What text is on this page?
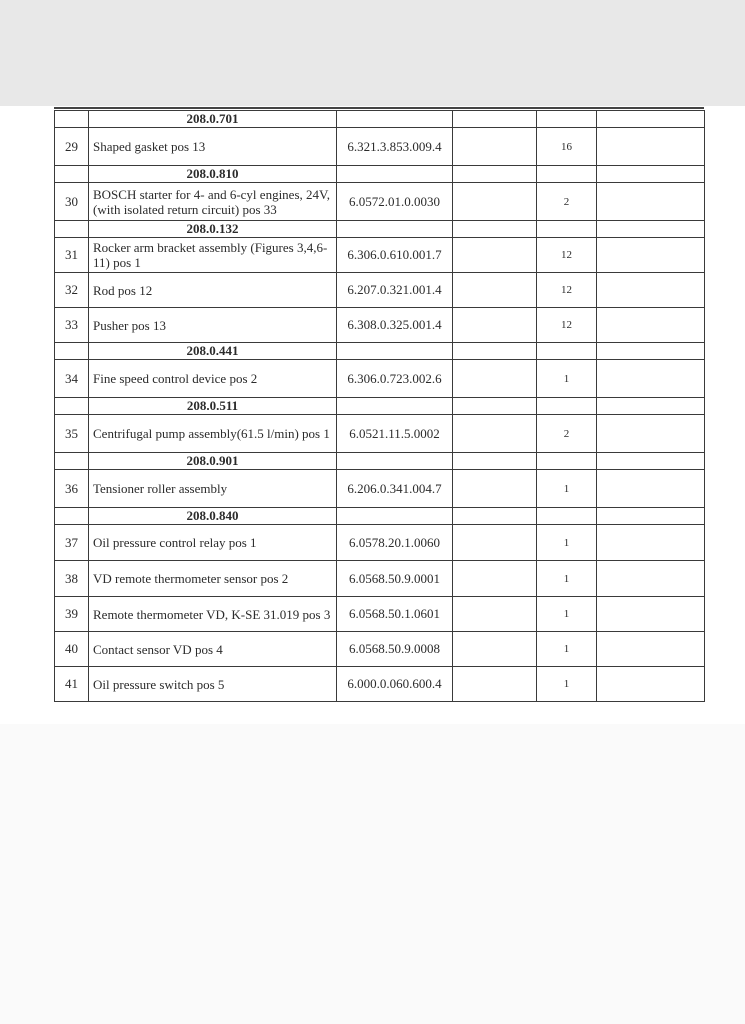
	208.0.701				
29	Shaped gasket pos 13	6.321.3.853.009.4		16	
	208.0.810				
30	BOSCH starter for 4- and 6-cyl engines, 24V, (with isolated return circuit) pos 33	6.0572.01.0.0030		2	
	208.0.132				
31	Rocker arm bracket assembly (Figures 3,4,6-11) pos 1	6.306.0.610.001.7		12	
32	Rod pos 12	6.207.0.321.001.4		12	
33	Pusher pos 13	6.308.0.325.001.4		12	
	208.0.441				
34	Fine speed control device pos 2	6.306.0.723.002.6		1	
	208.0.511				
35	Centrifugal pump assembly(61.5 l/min) pos 1	6.0521.11.5.0002		2	
	208.0.901				
36	Tensioner roller assembly	6.206.0.341.004.7		1	
	208.0.840				
37	Oil pressure control relay pos 1	6.0578.20.1.0060		1	
38	VD remote thermometer sensor pos 2	6.0568.50.9.0001		1	
39	Remote thermometer VD, K-SE 31.019 pos 3	6.0568.50.1.0601		1	
40	Contact sensor VD pos 4	6.0568.50.9.0008		1	
41	Oil pressure switch pos 5	6.000.0.060.600.4		1	
